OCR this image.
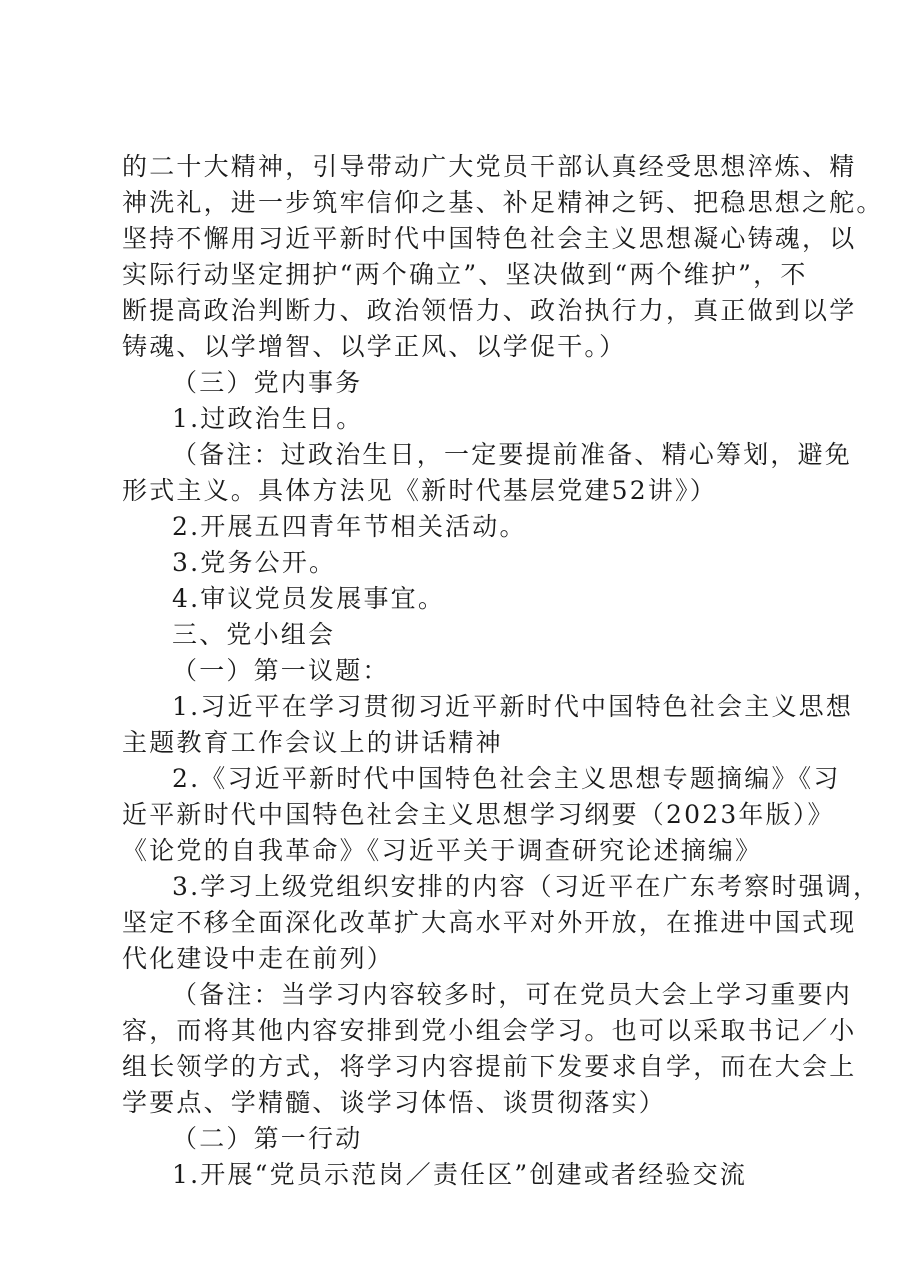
的二十大精神，引导带动广大党员干部认真经受思想淬炼、精
神洗礼，进一步筑牢信仰之基、补足精神之钙、把稳思想之舵。
坚持不懈用习近平新时代中国特色社会主义思想凝心铸魂，以
实际行动坚定拥护“两个确立”、坚决做到“两个维护”，不
断提高政治判断力、政治领悟力、政治执行力，真正做到以学
铸魂、以学增智、以学正风、以学促干。）
（三）党内事务
1.过政治生日。
（备注：过政治生日，一定要提前准备、精心筹划，避免
形式主义。具体方法见《新时代基层党建52讲》）
2.开展五四青年节相关活动。
3.党务公开。
4.审议党员发展事宜。
三、党小组会
（一）第一议题：
1.习近平在学习贯彻习近平新时代中国特色社会主义思想
主题教育工作会议上的讲话精神
2.《习近平新时代中国特色社会主义思想专题摘编》《习
近平新时代中国特色社会主义思想学习纲要（2023年版）》
《论党的自我革命》《习近平关于调查研究论述摘编》
3.学习上级党组织安排的内容（习近平在广东考察时强调，
坚定不移全面深化改革扩大高水平对外开放，在推进中国式现
代化建设中走在前列）
（备注：当学习内容较多时，可在党员大会上学习重要内
容，而将其他内容安排到党小组会学习。也可以采取书记／小
组长领学的方式，将学习内容提前下发要求自学，而在大会上
学要点、学精髓、谈学习体悟、谈贯彻落实）
（二）第一行动
1.开展“党员示范岗／责任区”创建或者经验交流
